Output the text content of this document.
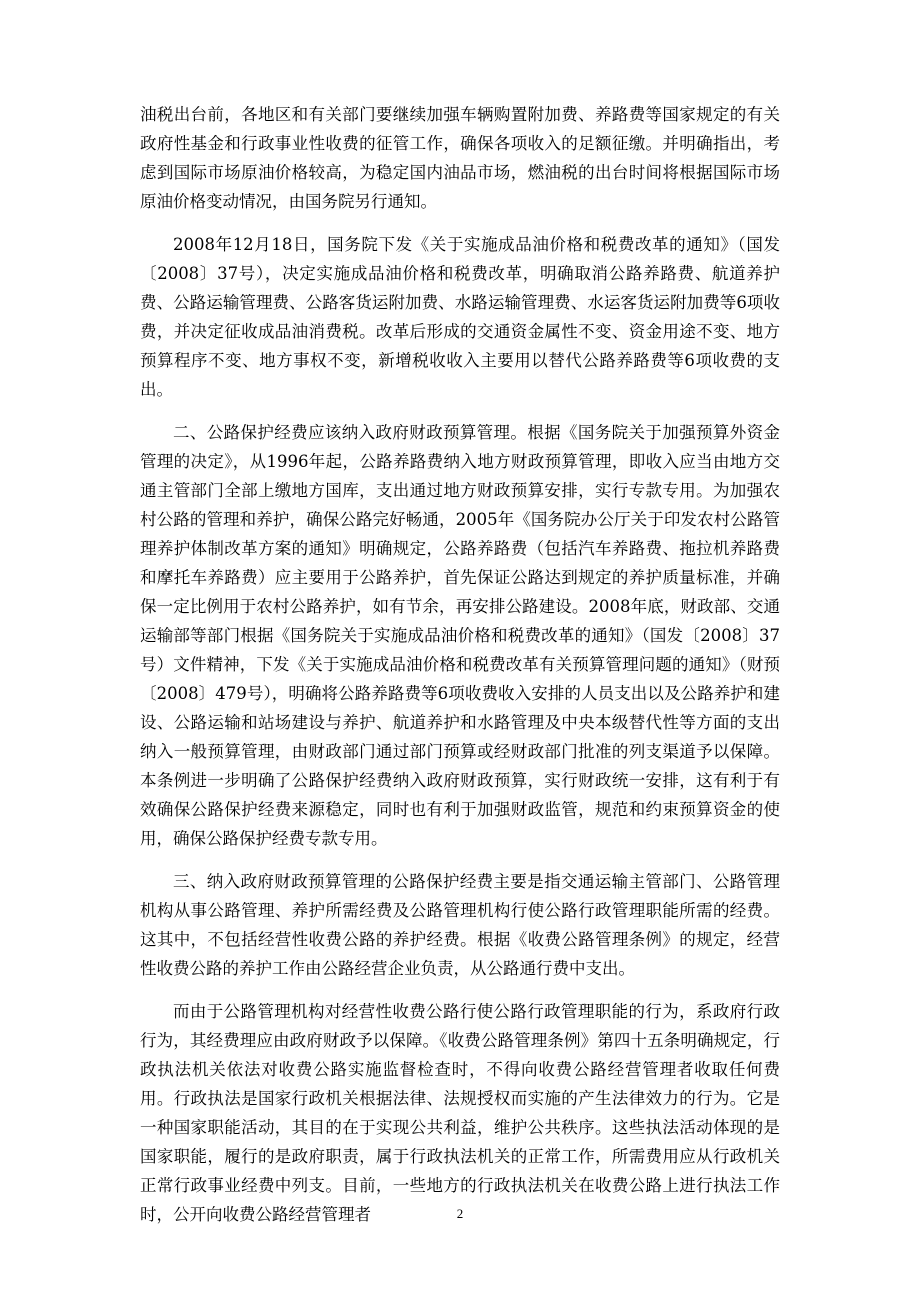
油税出台前，各地区和有关部门要继续加强车辆购置附加费、养路费等国家规定的有关政府性基金和行政事业性收费的征管工作，确保各项收入的足额征缴。并明确指出，考虑到国际市场原油价格较高，为稳定国内油品市场，燃油税的出台时间将根据国际市场原油价格变动情况，由国务院另行通知。

2008年12月18日，国务院下发《关于实施成品油价格和税费改革的通知》（国发〔2008〕37号），决定实施成品油价格和税费改革，明确取消公路养路费、航道养护费、公路运输管理费、公路客货运附加费、水路运输管理费、水运客货运附加费等6项收费，并决定征收成品油消费税。改革后形成的交通资金属性不变、资金用途不变、地方预算程序不变、地方事权不变，新增税收收入主要用以替代公路养路费等6项收费的支出。

二、公路保护经费应该纳入政府财政预算管理。根据《国务院关于加强预算外资金管理的决定》，从1996年起，公路养路费纳入地方财政预算管理，即收入应当由地方交通主管部门全部上缴地方国库，支出通过地方财政预算安排，实行专款专用。为加强农村公路的管理和养护，确保公路完好畅通，2005年《国务院办公厅关于印发农村公路管理养护体制改革方案的通知》明确规定，公路养路费（包括汽车养路费、拖拉机养路费和摩托车养路费）应主要用于公路养护，首先保证公路达到规定的养护质量标准，并确保一定比例用于农村公路养护，如有节余，再安排公路建设。2008年底，财政部、交通运输部等部门根据《国务院关于实施成品油价格和税费改革的通知》（国发〔2008〕37号）文件精神，下发《关于实施成品油价格和税费改革有关预算管理问题的通知》（财预〔2008〕479号），明确将公路养路费等6项收费收入安排的人员支出以及公路养护和建设、公路运输和站场建设与养护、航道养护和水路管理及中央本级替代性等方面的支出纳入一般预算管理，由财政部门通过部门预算或经财政部门批准的列支渠道予以保障。本条例进一步明确了公路保护经费纳入政府财政预算，实行财政统一安排，这有利于有效确保公路保护经费来源稳定，同时也有利于加强财政监管，规范和约束预算资金的使用，确保公路保护经费专款专用。

三、纳入政府财政预算管理的公路保护经费主要是指交通运输主管部门、公路管理机构从事公路管理、养护所需经费及公路管理机构行使公路行政管理职能所需的经费。这其中，不包括经营性收费公路的养护经费。根据《收费公路管理条例》的规定，经营性收费公路的养护工作由公路经营企业负责，从公路通行费中支出。

而由于公路管理机构对经营性收费公路行使公路行政管理职能的行为，系政府行政行为，其经费理应由政府财政予以保障。《收费公路管理条例》第四十五条明确规定，行政执法机关依法对收费公路实施监督检查时，不得向收费公路经营管理者收取任何费用。行政执法是国家行政机关根据法律、法规授权而实施的产生法律效力的行为。它是一种国家职能活动，其目的在于实现公共利益，维护公共秩序。这些执法活动体现的是国家职能，履行的是政府职责，属于行政执法机关的正常工作，所需费用应从行政机关正常行政事业经费中列支。目前，一些地方的行政执法机关在收费公路上进行执法工作时，公开向收费公路经营管理者	2
